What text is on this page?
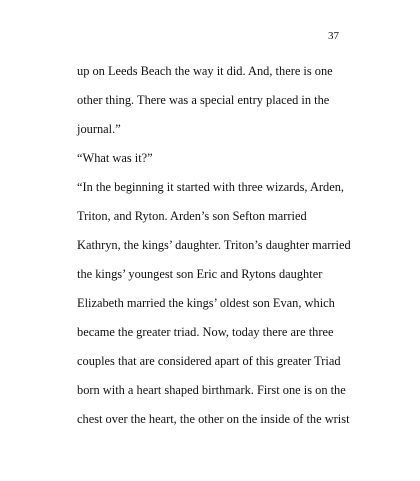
37
up on Leeds Beach the way it did. And, there is one
other thing. There was a special entry placed in the
journal.”
“What was it?”
“In the beginning it started with three wizards, Arden,
Triton, and Ryton. Arden’s son Sefton married
Kathryn, the kings’ daughter. Triton’s daughter married
the kings’ youngest son Eric and Rytons daughter
Elizabeth married the kings’ oldest son Evan, which
became the greater triad. Now, today there are three
couples that are considered apart of this greater Triad
born with a heart shaped birthmark. First one is on the
chest over the heart, the other on the inside of the wrist
